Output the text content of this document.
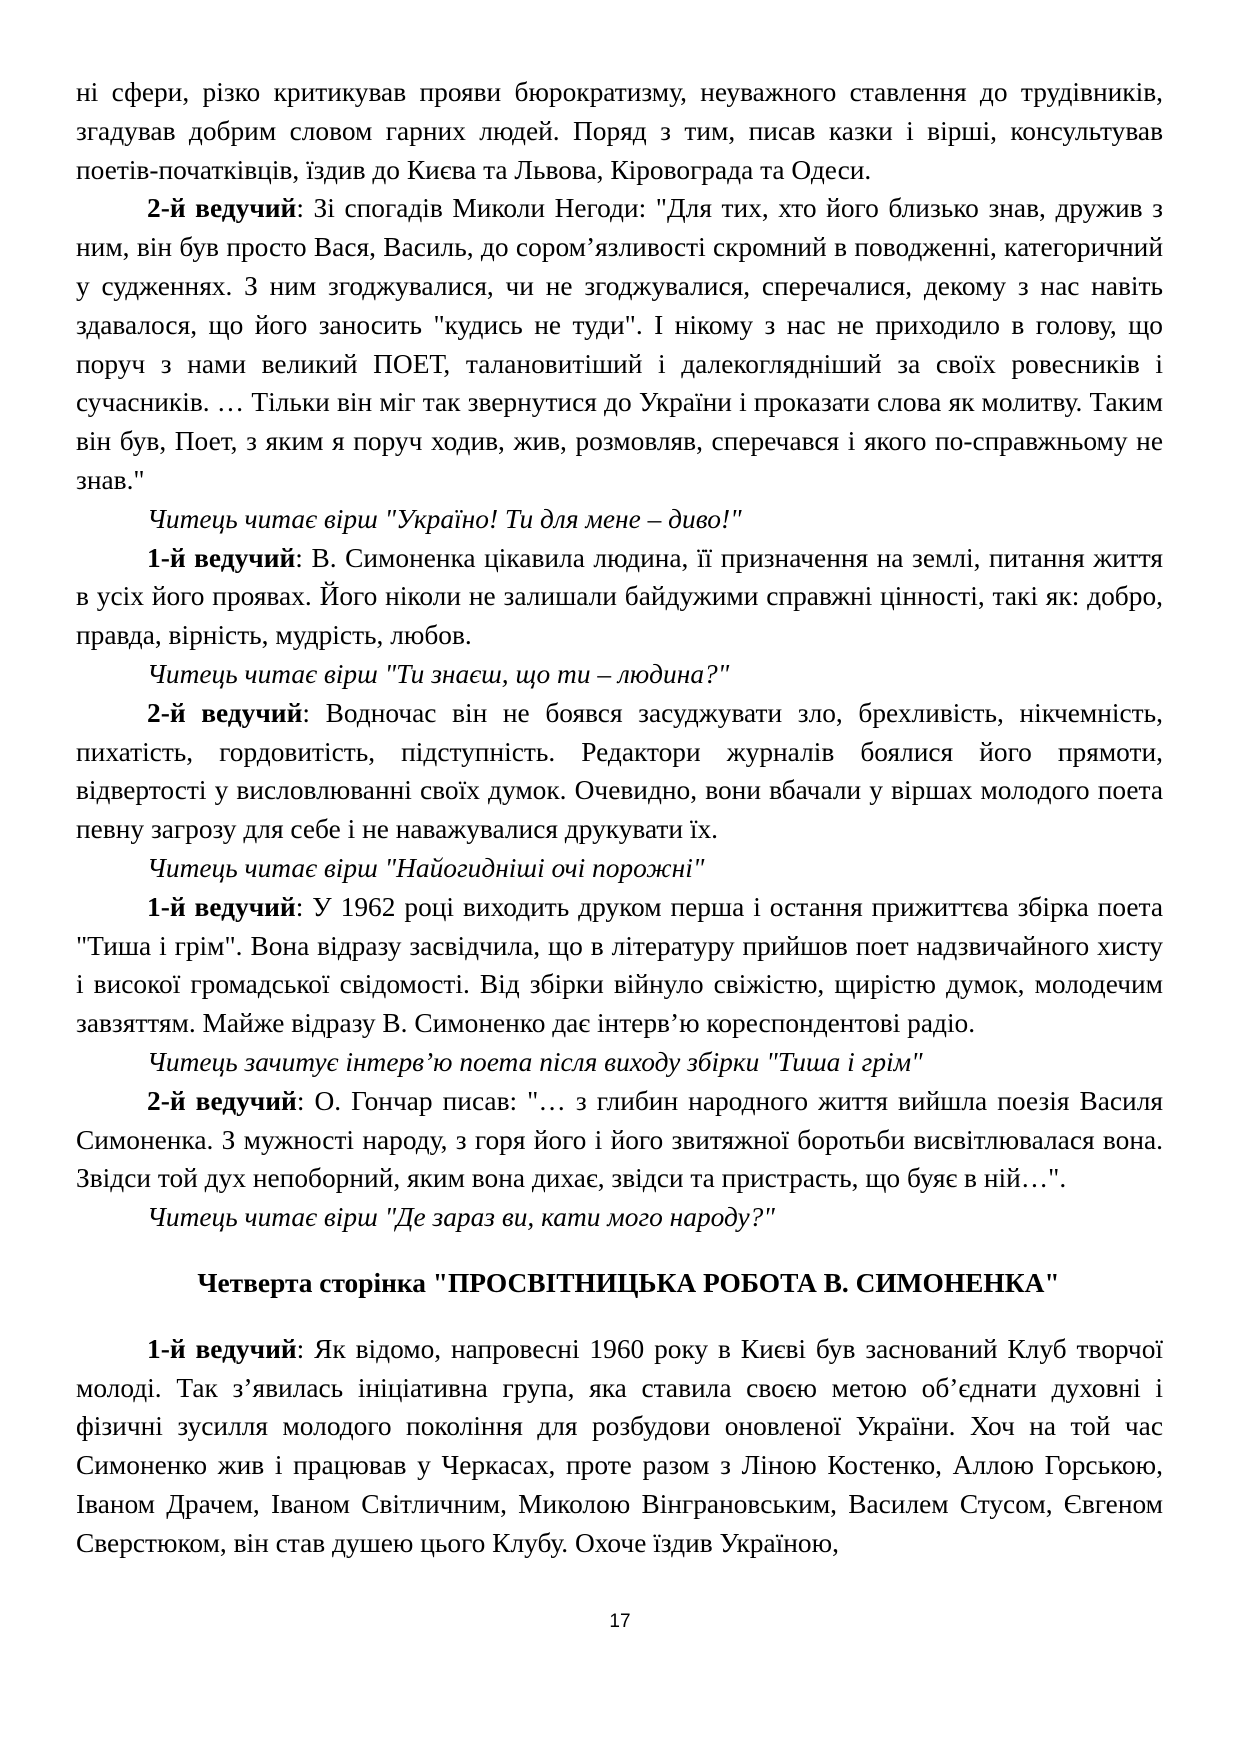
ні сфери, різко критикував прояви бюрократизму, неуважного ставлення до трудівників, згадував добрим словом гарних людей. Поряд з тим, писав казки і вірші, консультував поетів-початківців, їздив до Києва та Львова, Кіровограда та Одеси.

2-й ведучий: Зі спогадів Миколи Негоди: "Для тих, хто його близько знав, дружив з ним, він був просто Вася, Василь, до сором’язливості скромний в поводженні, категоричний у судженнях. З ним згоджувалися, чи не згоджувалися, сперечалися, декому з нас навіть здавалося, що його заносить "кудись не туди". І нікому з нас не приходило в голову, що поруч з нами великий ПОЕТ, талановитіший і далекоглядніший за своїх ровесників і сучасників. … Тільки він міг так звернутися до України і проказати слова як молитву. Таким він був, Поет, з яким я поруч ходив, жив, розмовляв, сперечався і якого по-справжньому не знав."

Читець читає вірш "Україно! Ти для мене – диво!"

1-й ведучий: В. Симоненка цікавила людина, її призначення на землі, питання життя в усіх його проявах. Його ніколи не залишали байдужими справжні цінності, такі як: добро, правда, вірність, мудрість, любов.

Читець читає вірш "Ти знаєш, що ти – людина?"

2-й ведучий: Водночас він не боявся засуджувати зло, брехливість, нікчемність, пихатість, гордовитість, підступність. Редактори журналів боялися його прямоти, відвертості у висловлюванні своїх думок. Очевидно, вони вбачали у віршах молодого поета певну загрозу для себе і не наважувалися друкувати їх.

Читець читає вірш "Найогидніші очі порожні"

1-й ведучий: У 1962 році виходить друком перша і остання прижиттєва збірка поета "Тиша і грім". Вона відразу засвідчила, що в літературу прийшов поет надзвичайного хисту і високої громадської свідомості. Від збірки війнуло свіжістю, щирістю думок, молодечим завзяттям. Майже відразу В. Симоненко дає інтерв’ю кореспондентові радіо.

Читець зачитує інтерв’ю поета після виходу збірки "Тиша і грім"

2-й ведучий: О. Гончар писав: "… з глибин народного життя вийшла поезія Василя Симоненка. З мужності народу, з горя його і його звитяжної боротьби висвітлювалася вона. Звідси той дух непоборний, яким вона дихає, звідси та пристрасть, що буяє в ній…".

Читець читає вірш "Де зараз ви, кати мого народу?"

Четверта сторінка "ПРОСВІТНИЦЬКА РОБОТА В. СИМОНЕНКА"

1-й ведучий: Як відомо, напровесні 1960 року в Києві був заснований Клуб творчої молоді. Так з’явилась ініціативна група, яка ставила своєю метою об’єднати духовні і фізичні зусилля молодого покоління для розбудови оновленої України. Хоч на той час Симоненко жив і працював у Черкасах, проте разом з Ліною Костенко, Аллою Горською, Іваном Драчем, Іваном Світличним, Миколою Вінграновським, Василем Стусом, Євгеном Сверстюком, він став душею цього Клубу. Охоче їздив Україною,

17
